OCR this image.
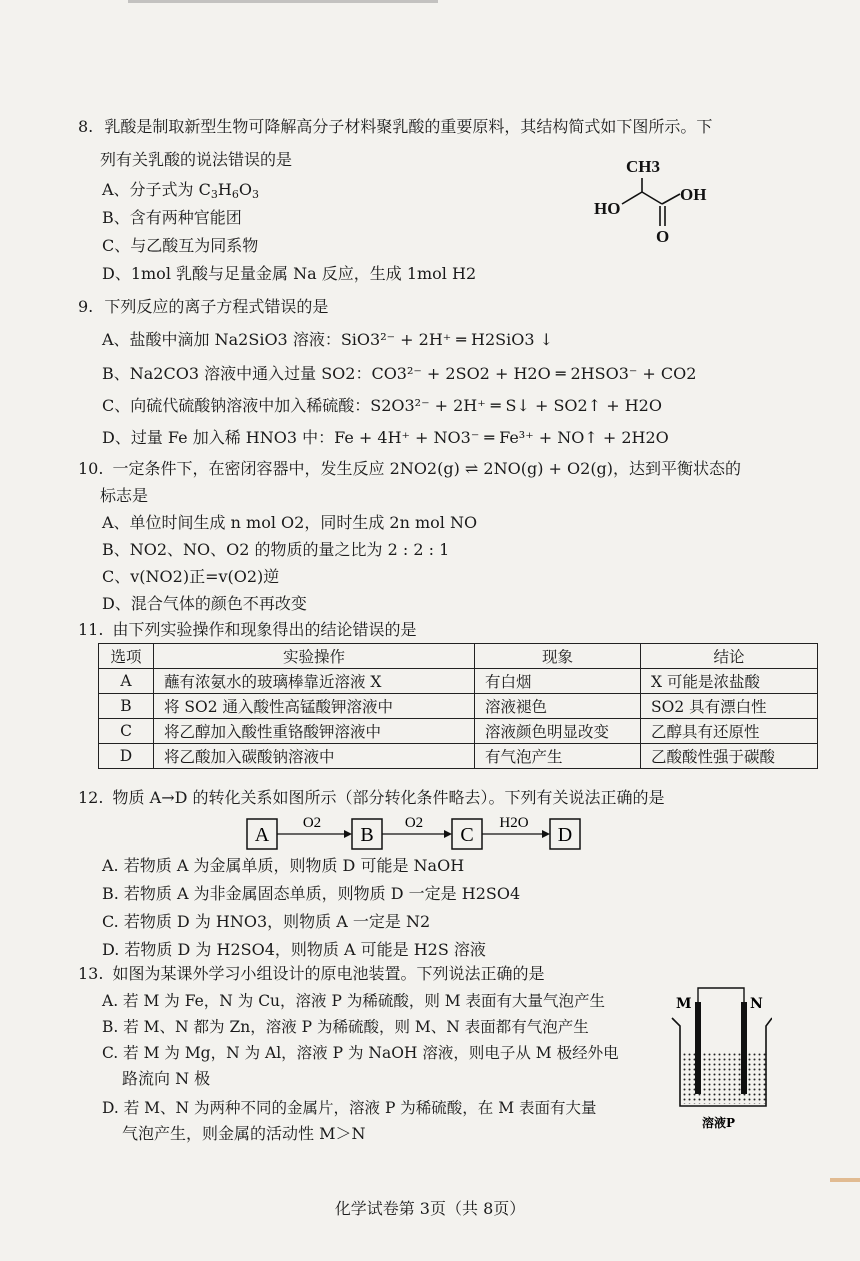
8. 乳酸是制取新型生物可降解高分子材料聚乳酸的重要原料，其结构简式如下图所示。下
列有关乳酸的说法错误的是
A、分子式为 $C_3H_6O_3$
B、含有两种官能团
C、与乙酸互为同系物
D、1mol 乳酸与足量金属 Na 反应，生成 1mol H2
CH3
HO
OH
O
9. 下列反应的离子方程式错误的是
A、盐酸中滴加 Na2SiO3 溶液：SiO3²⁻ + 2H⁺ ═ H2SiO3 ↓
B、Na2CO3 溶液中通入过量 SO2：CO3²⁻ + 2SO2 + H2O ═ 2HSO3⁻ + CO2
C、向硫代硫酸钠溶液中加入稀硫酸：S2O3²⁻ + 2H⁺ ═ S↓ + SO2↑ + H2O
D、过量 Fe 加入稀 HNO3 中：Fe + 4H⁺ + NO3⁻ ═ Fe³⁺ + NO↑ + 2H2O
10. 一定条件下，在密闭容器中，发生反应 2NO2(g) ⇌ 2NO(g) + O2(g)，达到平衡状态的
标志是
A、单位时间生成 n mol O2，同时生成 2n mol NO
B、NO2、NO、O2 的物质的量之比为 2 : 2 : 1
C、v(NO2)正=v(O2)逆
D、混合气体的颜色不再改变
11. 由下列实验操作和现象得出的结论错误的是
选项	实验操作	现象	结论
A	蘸有浓氨水的玻璃棒靠近溶液 X	有白烟	X 可能是浓盐酸
B	将 SO2 通入酸性高锰酸钾溶液中	溶液褪色	SO2 具有漂白性
C	将乙醇加入酸性重铬酸钾溶液中	溶液颜色明显改变	乙醇具有还原性
D	将乙酸加入碳酸钠溶液中	有气泡产生	乙酸酸性强于碳酸
12. 物质 A→D 的转化关系如图所示（部分转化条件略去）。下列有关说法正确的是
A
O2
B
O2
C
H2O
D
A. 若物质 A 为金属单质，则物质 D 可能是 NaOH
B. 若物质 A 为非金属固态单质，则物质 D 一定是 H2SO4
C. 若物质 D 为 HNO3，则物质 A 一定是 N2
D. 若物质 D 为 H2SO4，则物质 A 可能是 H2S 溶液
13. 如图为某课外学习小组设计的原电池装置。下列说法正确的是
A. 若 M 为 Fe，N 为 Cu，溶液 P 为稀硫酸，则 M 表面有大量气泡产生
B. 若 M、N 都为 Zn，溶液 P 为稀硫酸，则 M、N 表面都有气泡产生
C. 若 M 为 Mg，N 为 Al，溶液 P 为 NaOH 溶液，则电子从 M 极经外电
路流向 N 极
D. 若 M、N 为两种不同的金属片，溶液 P 为稀硫酸，在 M 表面有大量
气泡产生，则金属的活动性 M＞N
M	N
溶液P
化学试卷第 3页（共 8页）
